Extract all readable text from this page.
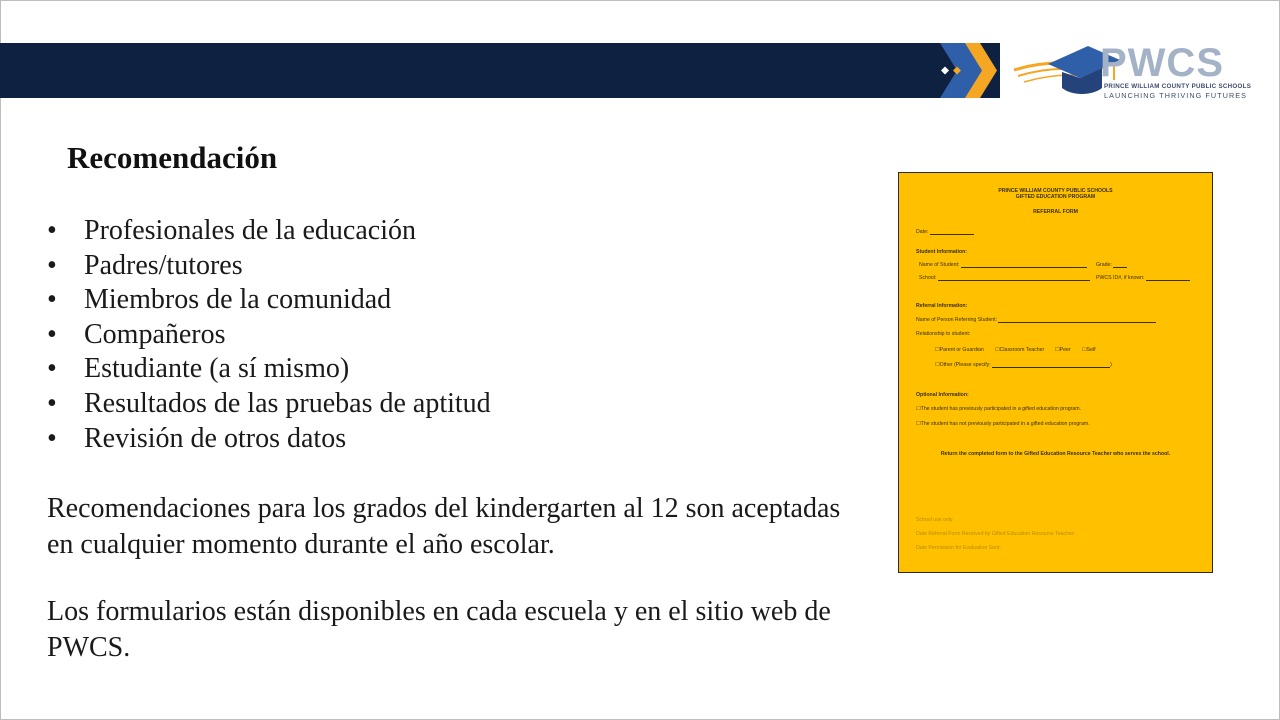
PWCS
PRINCE WILLIAM COUNTY PUBLIC SCHOOLS
LAUNCHING THRIVING FUTURES
Recomendación
• Profesionales de la educación
• Padres/tutores
• Miembros de la comunidad
• Compañeros
• Estudiante (a sí mismo)
• Resultados de las pruebas de aptitud
• Revisión de otros datos

Recomendaciones para los grados del kindergarten al 12 son aceptadas en cualquier momento durante el año escolar.

Los formularios están disponibles en cada escuela y en el sitio web de PWCS.

PRINCE WILLIAM COUNTY PUBLIC SCHOOLS
GIFTED EDUCATION PROGRAM
REFERRAL FORM
Date:
Student Information:
Name of Student:	Grade:
School:	PWCS ID#, if known:
Referral Information:
Name of Person Referring Student:
Relationship to student:
☐Parent or Guardian ☐Classroom Teacher ☐Peer ☐Self
☐Other (Please specify:	)
Optional Information:
☐The student has previously participated in a gifted education program.
☐The student has not previously participated in a gifted education program.
Return the completed form to the Gifted Education Resource Teacher who serves the school.
School use only
Date Referral Form Received by Gifted Education Resource Teacher:
Date Permission for Evaluation Sent:
